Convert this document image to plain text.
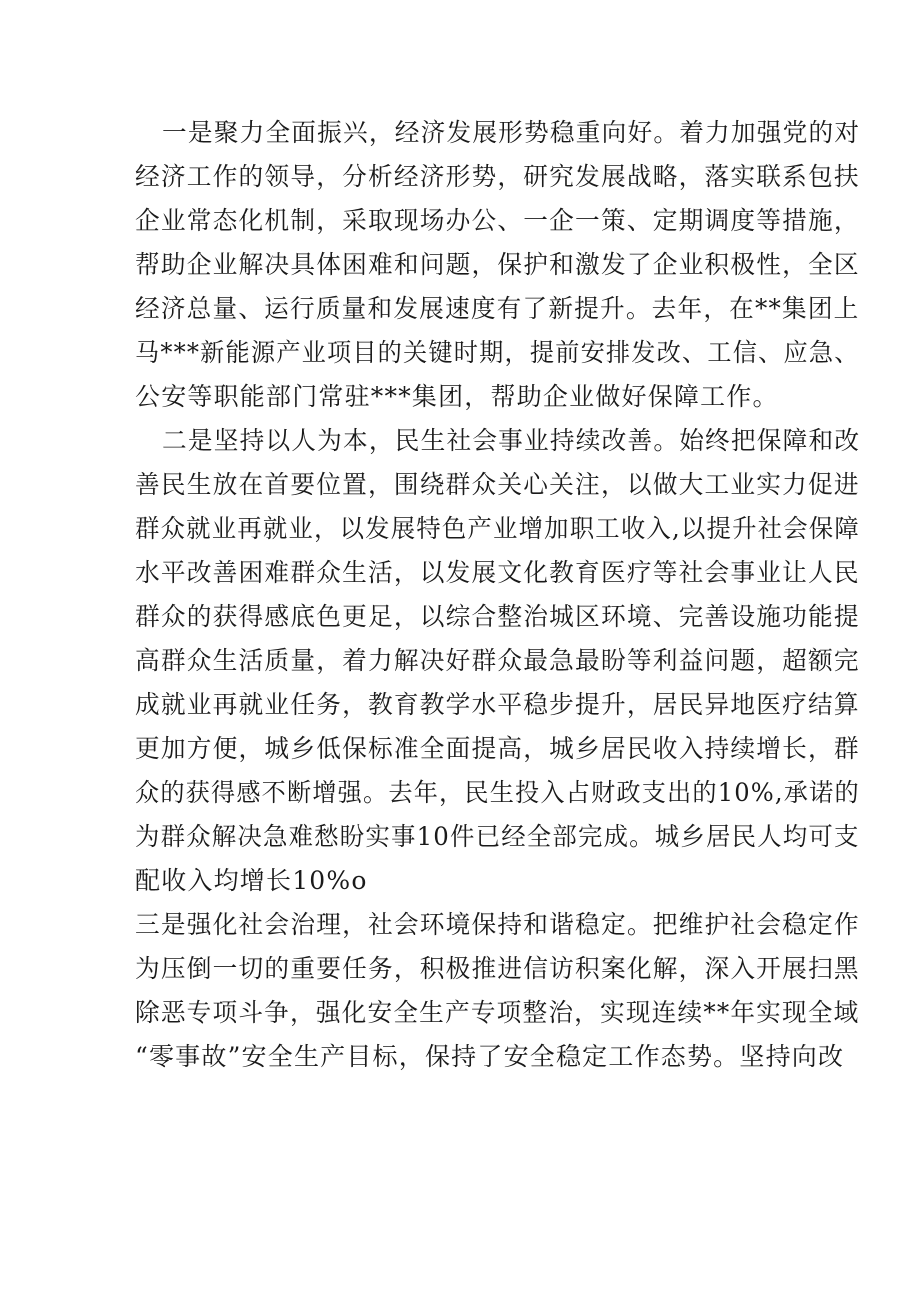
一是聚力全面振兴，经济发展形势稳重向好。着力加强党的对
经济工作的领导，分析经济形势，研究发展战略，落实联系包扶
企业常态化机制，采取现场办公、一企一策、定期调度等措施，
帮助企业解决具体困难和问题，保护和激发了企业积极性，全区
经济总量、运行质量和发展速度有了新提升。去年，在**集团上
马***新能源产业项目的关键时期，提前安排发改、工信、应急、
公安等职能部门常驻***集团，帮助企业做好保障工作。
二是坚持以人为本，民生社会事业持续改善。始终把保障和改
善民生放在首要位置，围绕群众关心关注，以做大工业实力促进
群众就业再就业，以发展特色产业增加职工收入,以提升社会保障
水平改善困难群众生活，以发展文化教育医疗等社会事业让人民
群众的获得感底色更足，以综合整治城区环境、完善设施功能提
高群众生活质量，着力解决好群众最急最盼等利益问题，超额完
成就业再就业任务，教育教学水平稳步提升，居民异地医疗结算
更加方便，城乡低保标准全面提高，城乡居民收入持续增长，群
众的获得感不断增强。去年，民生投入占财政支出的10%,承诺的
为群众解决急难愁盼实事10件已经全部完成。城乡居民人均可支
配收入均增长10%o
三是强化社会治理，社会环境保持和谐稳定。把维护社会稳定作
为压倒一切的重要任务，积极推进信访积案化解，深入开展扫黑
除恶专项斗争，强化安全生产专项整治，实现连续**年实现全域
“零事故”安全生产目标，保持了安全稳定工作态势。坚持向改
